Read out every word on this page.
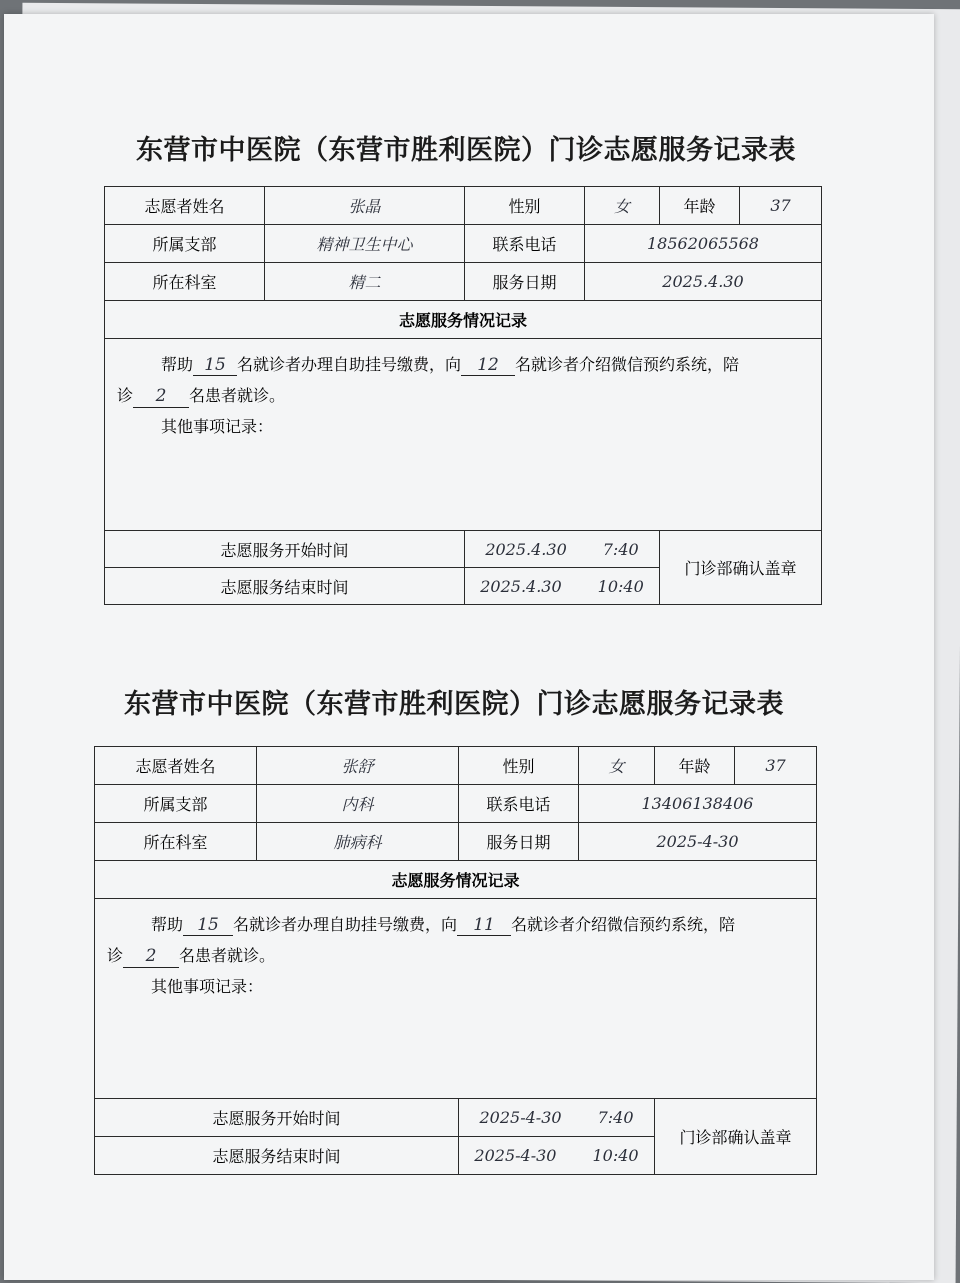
东营市中医院（东营市胜利医院）门诊志愿服务记录表
志愿者姓名	张晶	性别	女	年龄	37
所属支部	精神卫生中心	联系电话	18562065568		
所在科室	精二	服务日期	2025.4.30		
志愿服务情况记录					

帮助 15 名就诊者办理自助挂号缴费，向 12 名就诊者介绍微信预约系统，陪
诊 2 名患者就诊。
其他事项记录：					

志愿服务开始时间		2025.4.30 7:40		门诊部确认盖章	
志愿服务结束时间		2025.4.30 10:40			
东营市中医院（东营市胜利医院）门诊志愿服务记录表
志愿者姓名	张舒	性别	女	年龄	37
所属支部	内科	联系电话	13406138406		
所在科室	肺病科	服务日期	2025-4-30		
志愿服务情况记录					

帮助 15 名就诊者办理自助挂号缴费，向 11 名就诊者介绍微信预约系统，陪
诊 2 名患者就诊。
其他事项记录：					

志愿服务开始时间		2025-4-30 7:40		门诊部确认盖章	
志愿服务结束时间		2025-4-30 10:40			
